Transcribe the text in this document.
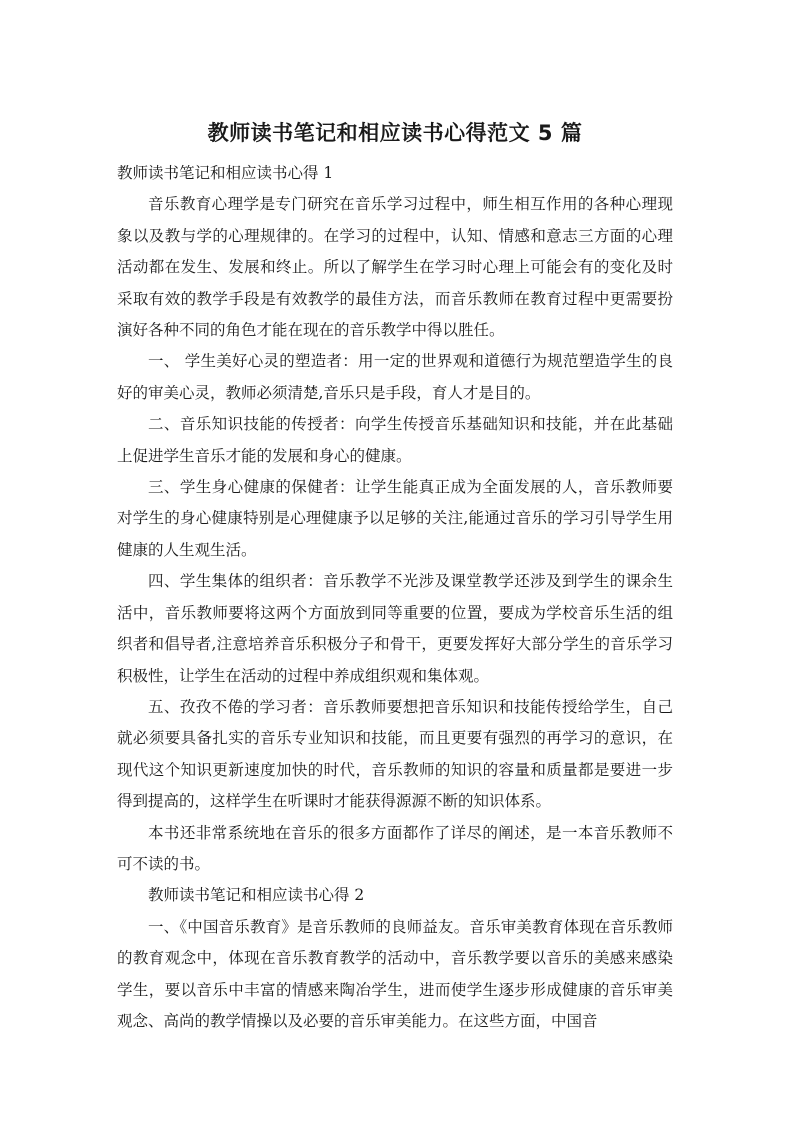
教师读书笔记和相应读书心得范文 5 篇

教师读书笔记和相应读书心得 1

音乐教育心理学是专门研究在音乐学习过程中，师生相互作用的各种心理现象以及教与学的心理规律的。在学习的过程中，认知、情感和意志三方面的心理活动都在发生、发展和终止。所以了解学生在学习时心理上可能会有的变化及时采取有效的教学手段是有效教学的最佳方法，而音乐教师在教育过程中更需要扮演好各种不同的角色才能在现在的音乐教学中得以胜任。

一、 学生美好心灵的塑造者：用一定的世界观和道德行为规范塑造学生的良好的审美心灵，教师必须清楚,音乐只是手段，育人才是目的。

二、音乐知识技能的传授者：向学生传授音乐基础知识和技能，并在此基础上促进学生音乐才能的发展和身心的健康。

三、学生身心健康的保健者：让学生能真正成为全面发展的人，音乐教师要对学生的身心健康特别是心理健康予以足够的关注,能通过音乐的学习引导学生用健康的人生观生活。

四、学生集体的组织者：音乐教学不光涉及课堂教学还涉及到学生的课余生活中，音乐教师要将这两个方面放到同等重要的位置，要成为学校音乐生活的组织者和倡导者,注意培养音乐积极分子和骨干，更要发挥好大部分学生的音乐学习积极性，让学生在活动的过程中养成组织观和集体观。

五、孜孜不倦的学习者：音乐教师要想把音乐知识和技能传授给学生，自己就必须要具备扎实的音乐专业知识和技能，而且更要有强烈的再学习的意识，在现代这个知识更新速度加快的时代，音乐教师的知识的容量和质量都是要进一步得到提高的，这样学生在听课时才能获得源源不断的知识体系。

本书还非常系统地在音乐的很多方面都作了详尽的阐述，是一本音乐教师不可不读的书。

教师读书笔记和相应读书心得 2

一、《中国音乐教育》是音乐教师的良师益友。音乐审美教育体现在音乐教师的教育观念中，体现在音乐教育教学的活动中，音乐教学要以音乐的美感来感染学生，要以音乐中丰富的情感来陶冶学生，进而使学生逐步形成健康的音乐审美观念、高尚的教学情操以及必要的音乐审美能力。在这些方面，中国音
